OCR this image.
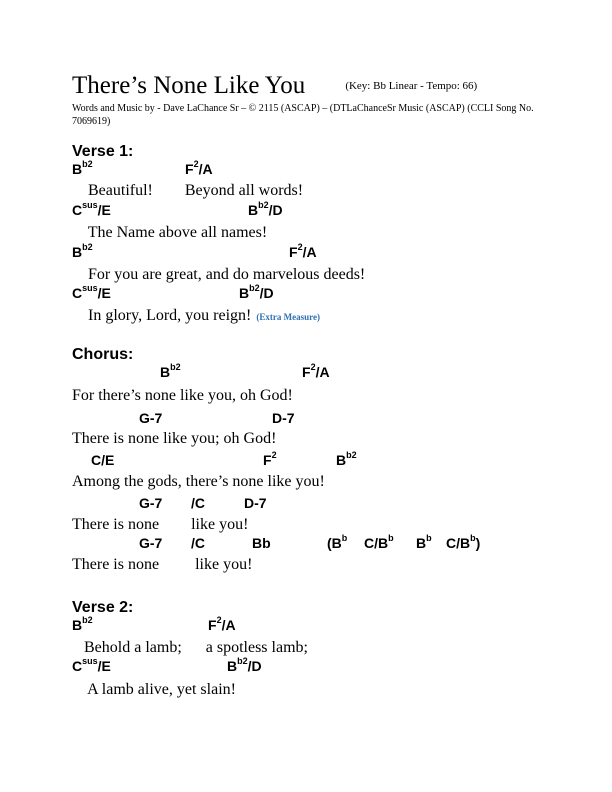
There’s None Like You	$^{(Key: Bb Linear - Tempo: 66)}$
Words and Music by - Dave LaChance Sr – © 2115 (ASCAP) – (DTLaChanceSr Music (ASCAP) (CCLI Song No. 7069619)
Verse 1:
$B^{b2}$	$F^2/A$
Beautiful!        Beyond all words!
$C^{sus}/E$	$B^{b2}/D$
The Name above all names!
$B^{b2}$	$F^2/A$
For you are great, and do marvelous deeds!
$C^{sus}/E$	$B^{b2}/D$
In glory, Lord, you reign! (Extra Measure)
Chorus:
$B^{b2}$	$F^2/A$
For there’s none like you, oh God!
G-7	D-7
There is none like you; oh God!
C/E	$F^2$	$B^{b2}$
Among the gods, there’s none like you!
G-7 /C	D-7
There is none        like you!
G-7 /C	Bb	($B^b$ $C/B^b$ $B^b$ $C/B^b$)
There is none         like you!
Verse 2:
$B^{b2}$	$F^2/A$
Behold a lamb;      a spotless lamb;
$C^{sus}/E$	$B^{b2}/D$
A lamb alive, yet slain!
